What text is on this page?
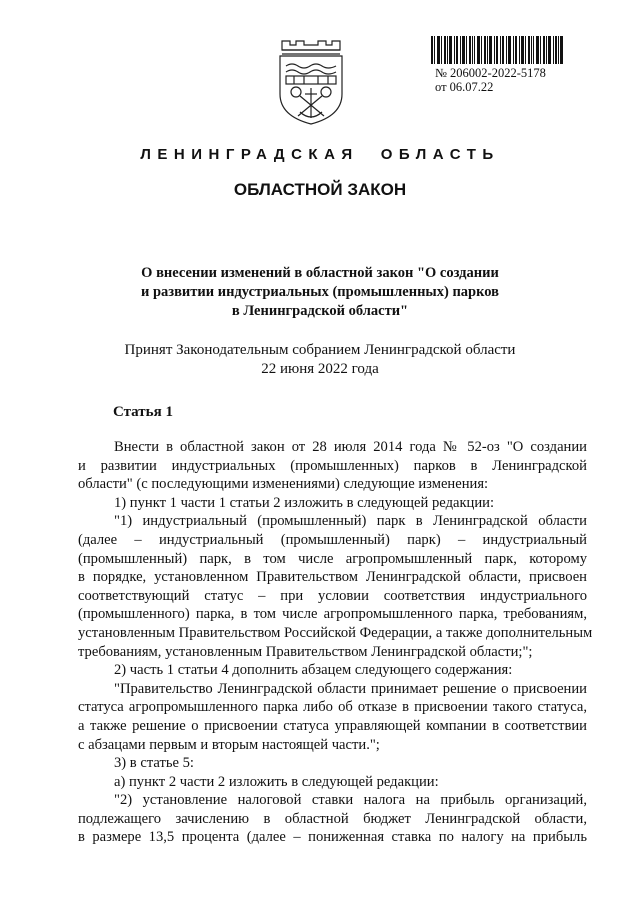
№ 206002-2022-5178
от 06.07.22
ЛЕНИНГРАДСКАЯ ОБЛАСТЬ
ОБЛАСТНОЙ ЗАКОН
О внесении изменений в областной закон "О создании
и развитии индустриальных (промышленных) парков
в Ленинградской области"
Принят Законодательным собранием Ленинградской области
22 июня 2022 года
Статья 1
Внести в областной закон от 28 июля 2014 года № 52-оз "О создании
и развитии индустриальных (промышленных) парков в Ленинградской
области" (с последующими изменениями) следующие изменения:
1) пункт 1 части 1 статьи 2 изложить в следующей редакции:
"1) индустриальный (промышленный) парк в Ленинградской области
(далее – индустриальный (промышленный) парк) – индустриальный
(промышленный) парк, в том числе агропромышленный парк, которому
в порядке, установленном Правительством Ленинградской области, присвоен
соответствующий статус – при условии соответствия индустриального
(промышленного) парка, в том числе агропромышленного парка, требованиям,
установленным Правительством Российской Федерации, а также дополнительным
требованиям, установленным Правительством Ленинградской области;";
2) часть 1 статьи 4 дополнить абзацем следующего содержания:
"Правительство Ленинградской области принимает решение о присвоении
статуса агропромышленного парка либо об отказе в присвоении такого статуса,
а также решение о присвоении статуса управляющей компании в соответствии
с абзацами первым и вторым настоящей части.";
3) в статье 5:
а) пункт 2 части 2 изложить в следующей редакции:
"2) установление налоговой ставки налога на прибыль организаций,
подлежащего зачислению в областной бюджет Ленинградской области,
в размере 13,5 процента (далее – пониженная ставка по налогу на прибыль
